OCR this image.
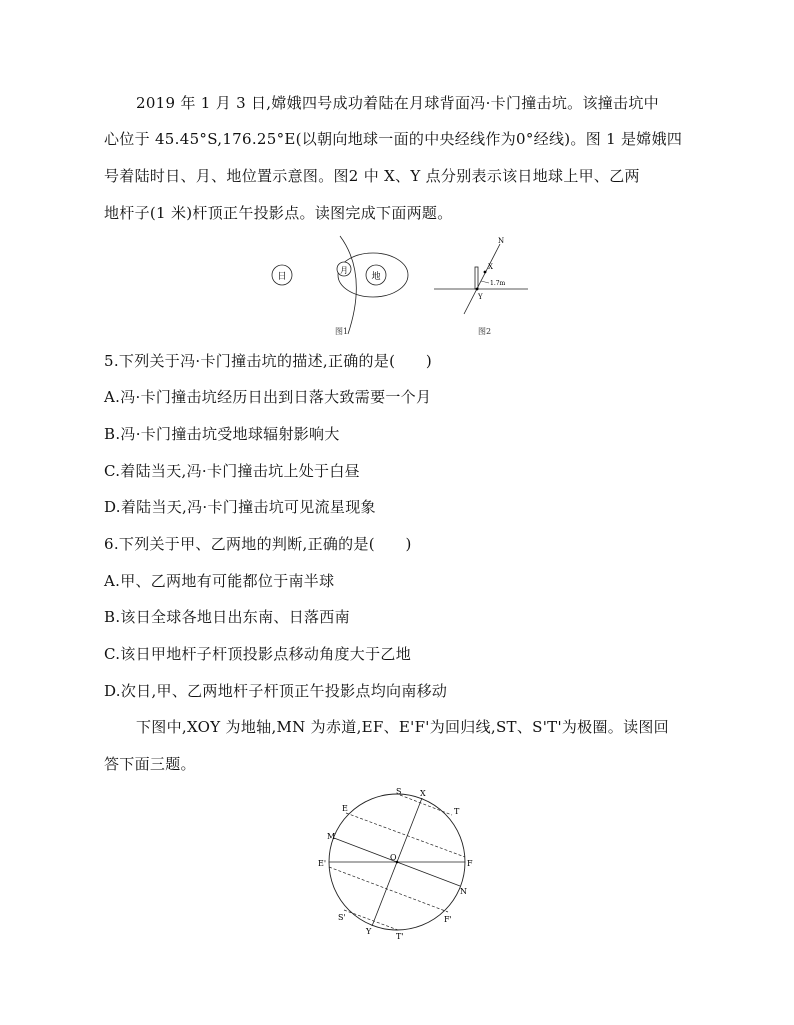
2019 年 1 月 3 日,嫦娥四号成功着陆在月球背面冯·卡门撞击坑。该撞击坑中
心位于 45.45°S,176.25°E(以朝向地球一面的中央经线作为0°经线)。图 1 是嫦娥四
号着陆时日、月、地位置示意图。图2 中 X、Y 点分别表示该日地球上甲、乙两
地杆子(1 米)杆顶正午投影点。读图完成下面两题。
日
月
地
图1
N
X
Y
1.7m
图2
5.下列关于冯·卡门撞击坑的描述,正确的是(　　)
A.冯·卡门撞击坑经历日出到日落大致需要一个月
B.冯·卡门撞击坑受地球辐射影响大
C.着陆当天,冯·卡门撞击坑上处于白昼
D.着陆当天,冯·卡门撞击坑可见流星现象
6.下列关于甲、乙两地的判断,正确的是(　　)
A.甲、乙两地有可能都位于南半球
B.该日全球各地日出东南、日落西南
C.该日甲地杆子杆顶投影点移动角度大于乙地
D.次日,甲、乙两地杆子杆顶正午投影点均向南移动
下图中,XOY 为地轴,MN 为赤道,EF、E'F'为回归线,ST、S'T'为极圈。读图回
答下面三题。
S X
T
E
M
O
E'	F
N
S'	F'
Y
T'
